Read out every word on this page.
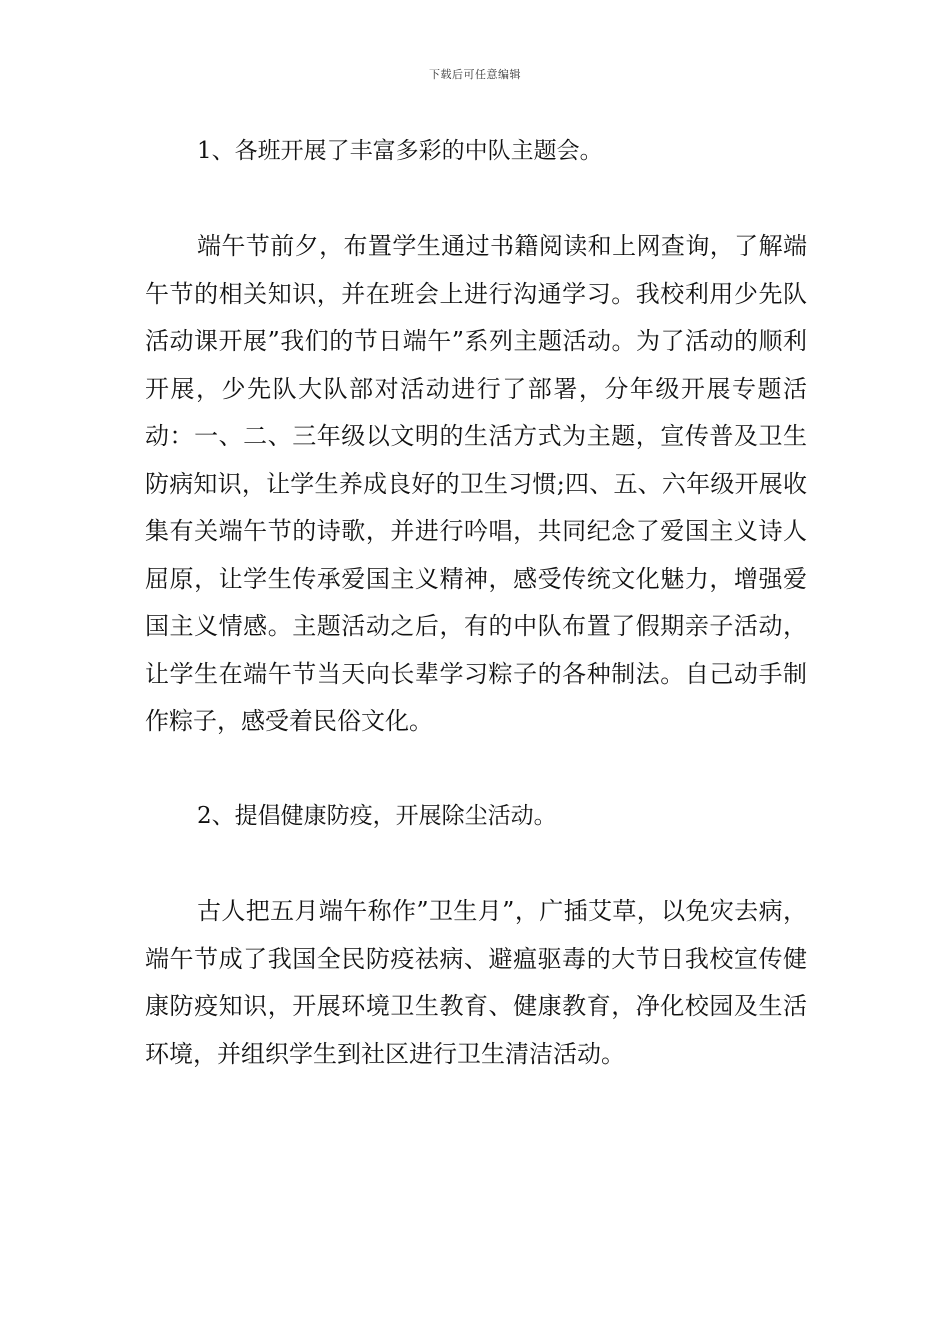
下载后可任意编辑

1、各班开展了丰富多彩的中队主题会。

端午节前夕，布置学生通过书籍阅读和上网查询，了解端午节的相关知识，并在班会上进行沟通学习。我校利用少先队活动课开展”我们的节日端午”系列主题活动。为了活动的顺利开展，少先队大队部对活动进行了部署，分年级开展专题活动：一、二、三年级以文明的生活方式为主题，宣传普及卫生防病知识，让学生养成良好的卫生习惯;四、五、六年级开展收集有关端午节的诗歌，并进行吟唱，共同纪念了爱国主义诗人屈原，让学生传承爱国主义精神，感受传统文化魅力，增强爱国主义情感。主题活动之后，有的中队布置了假期亲子活动，让学生在端午节当天向长辈学习粽子的各种制法。自己动手制作粽子，感受着民俗文化。

2、提倡健康防疫，开展除尘活动。

古人把五月端午称作”卫生月”，广插艾草，以免灾去病，端午节成了我国全民防疫祛病、避瘟驱毒的大节日我校宣传健康防疫知识，开展环境卫生教育、健康教育，净化校园及生活环境，并组织学生到社区进行卫生清洁活动。
